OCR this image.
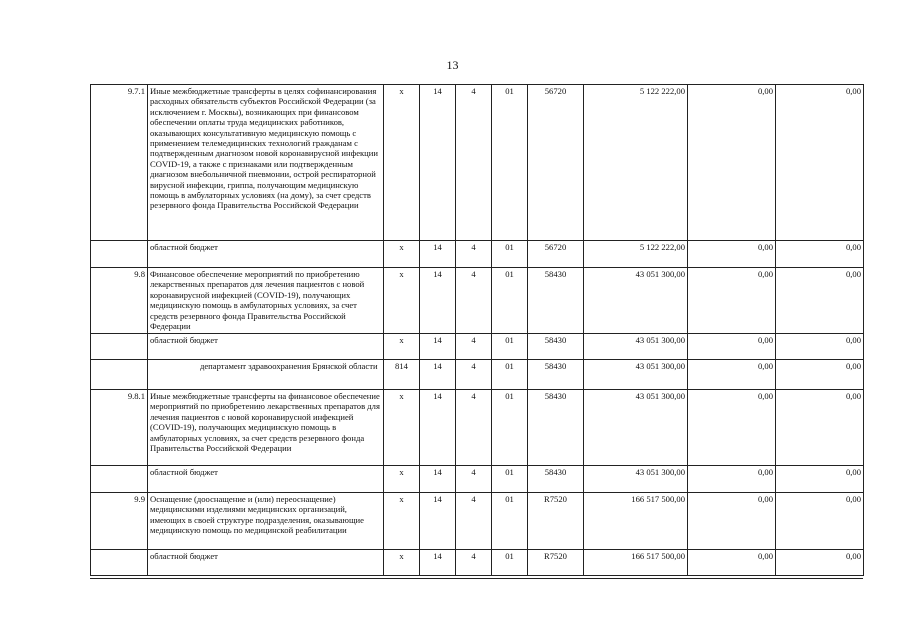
13
9.7.1	Иные межбюджетные трансферты в целях софинансирования расходных обязательств субъектов Российской Федерации (за исключением г. Москвы), возникающих при финансовом обеспечении оплаты труда медицинских работников, оказывающих консультативную медицинскую помощь с применением телемедицинских технологий гражданам с подтвержденным диагнозом новой коронавирусной инфекции COVID-19, а также с признаками или подтвержденным диагнозом внебольничной пневмонии, острой респираторной вирусной инфекции, гриппа, получающим медицинскую помощь в амбулаторных условиях (на дому), за счет средств резервного фонда Правительства Российской Федерации	x	14	4	01	56720	5 122 222,00	0,00	0,00
	областной бюджет	x	14	4	01	56720	5 122 222,00	0,00	0,00
9.8	Финансовое обеспечение мероприятий по приобретению лекарственных препаратов для лечения пациентов с новой коронавирусной инфекцией (COVID-19), получающих медицинскую помощь в амбулаторных условиях, за счет средств резервного фонда Правительства Российской Федерации	x	14	4	01	58430	43 051 300,00	0,00	0,00
	областной бюджет	x	14	4	01	58430	43 051 300,00	0,00	0,00
	департамент здравоохранения Брянской области	814	14	4	01	58430	43 051 300,00	0,00	0,00
9.8.1	Иные межбюджетные трансферты на финансовое обеспечение мероприятий по приобретению лекарственных препаратов для лечения пациентов с новой коронавирусной инфекцией (COVID-19), получающих медицинскую помощь в амбулаторных условиях, за счет средств резервного фонда Правительства Российской Федерации	x	14	4	01	58430	43 051 300,00	0,00	0,00
	областной бюджет	x	14	4	01	58430	43 051 300,00	0,00	0,00
9.9	Оснащение (дооснащение и (или) переоснащение) медицинскими изделиями медицинских организаций, имеющих в своей структуре подразделения, оказывающие медицинскую помощь по медицинской реабилитации	x	14	4	01	R7520	166 517 500,00	0,00	0,00
	областной бюджет	x	14	4	01	R7520	166 517 500,00	0,00	0,00
